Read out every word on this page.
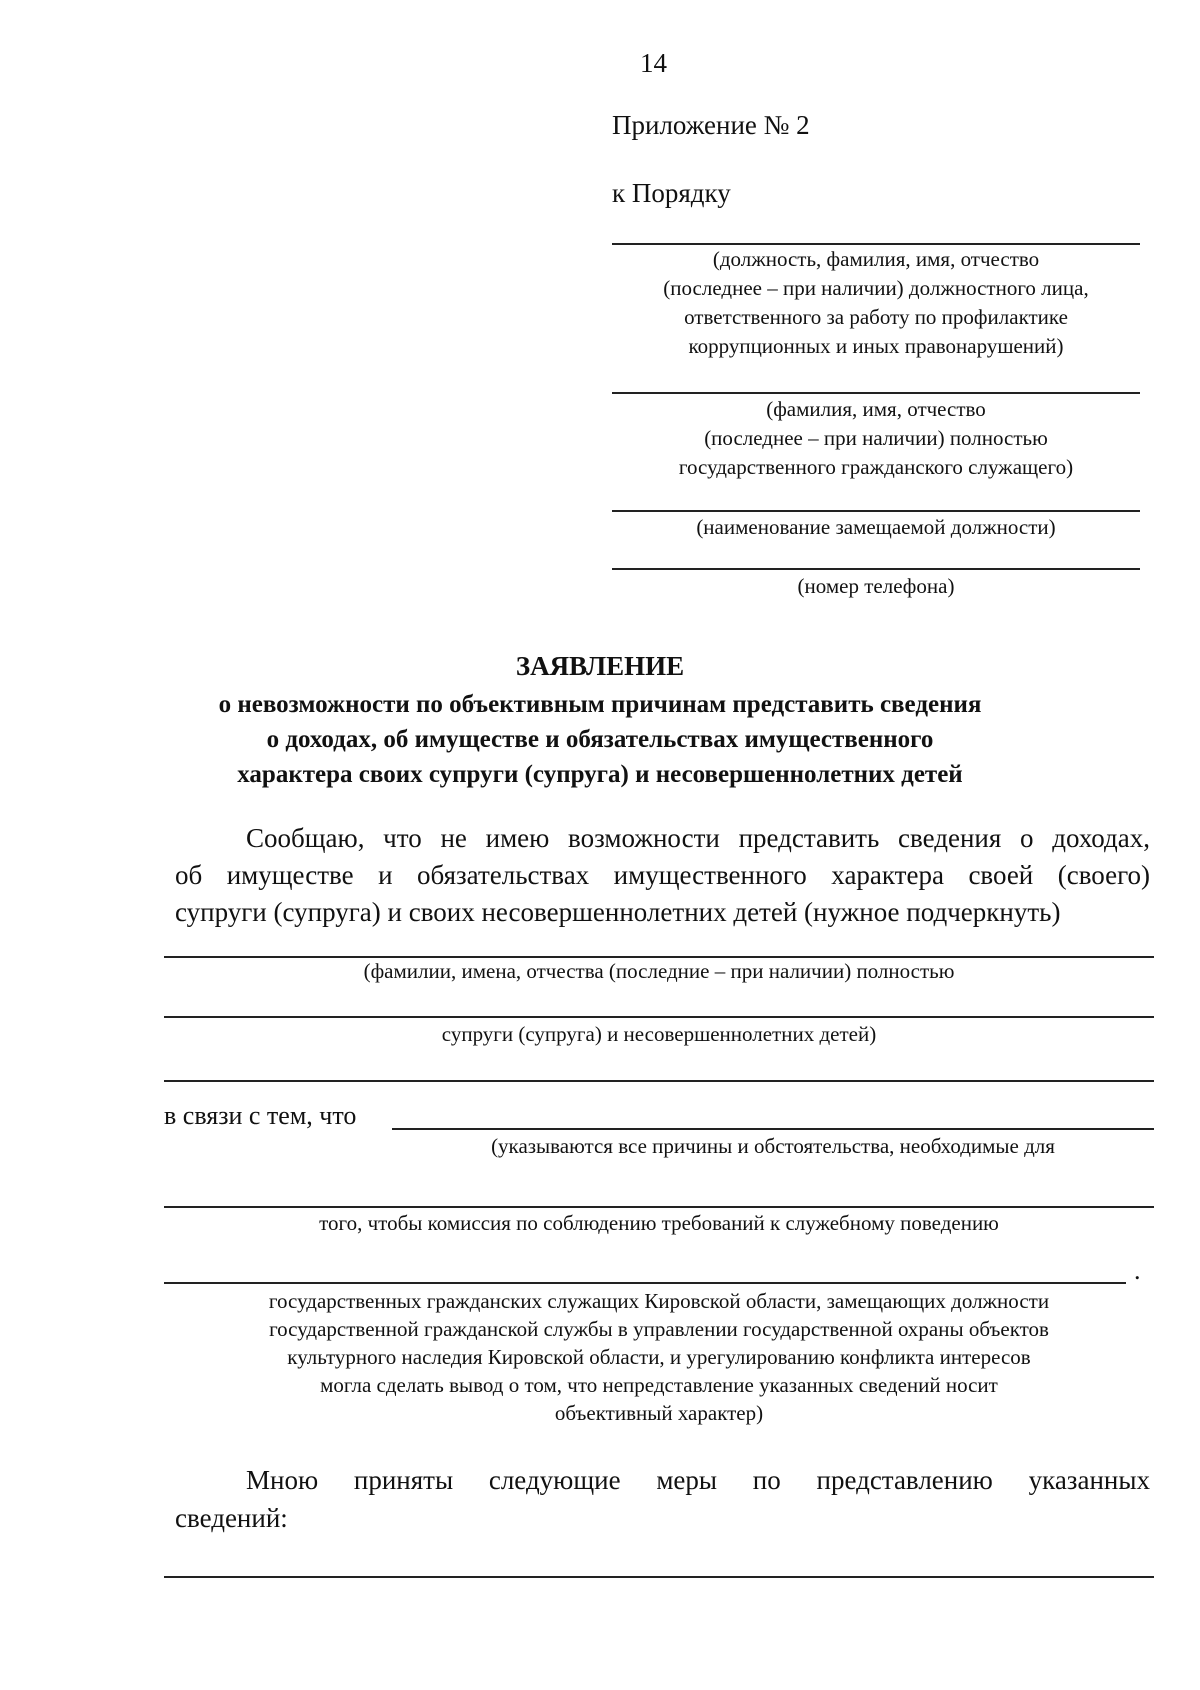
14
Приложение № 2
к Порядку
(должность, фамилия, имя, отчество
(последнее – при наличии) должностного лица,
ответственного за работу по профилактике
коррупционных и иных правонарушений)
(фамилия, имя, отчество
(последнее – при наличии) полностью
государственного гражданского служащего)
(наименование замещаемой должности)
(номер телефона)
ЗАЯВЛЕНИЕ
о невозможности по объективным причинам представить сведения
о доходах, об имуществе и обязательствах имущественного
характера своих супруги (супруга) и несовершеннолетних детей
Сообщаю, что не имею возможности представить сведения о доходах,
об имуществе и обязательствах имущественного характера своей (своего)
супруги (супруга) и своих несовершеннолетних детей (нужное подчеркнуть)
(фамилии, имена, отчества (последние – при наличии) полностью
супруги (супруга) и несовершеннолетних детей)
в связи с тем, что
(указываются все причины и обстоятельства, необходимые для
того, чтобы комиссия по соблюдению требований к служебному поведению
.
государственных гражданских служащих Кировской области, замещающих должности
государственной гражданской службы в управлении государственной охраны объектов
культурного наследия Кировской области, и урегулированию конфликта интересов
могла сделать вывод о том, что непредставление указанных сведений носит
объективный характер)
Мною приняты следующие меры по представлению указанных
сведений:
